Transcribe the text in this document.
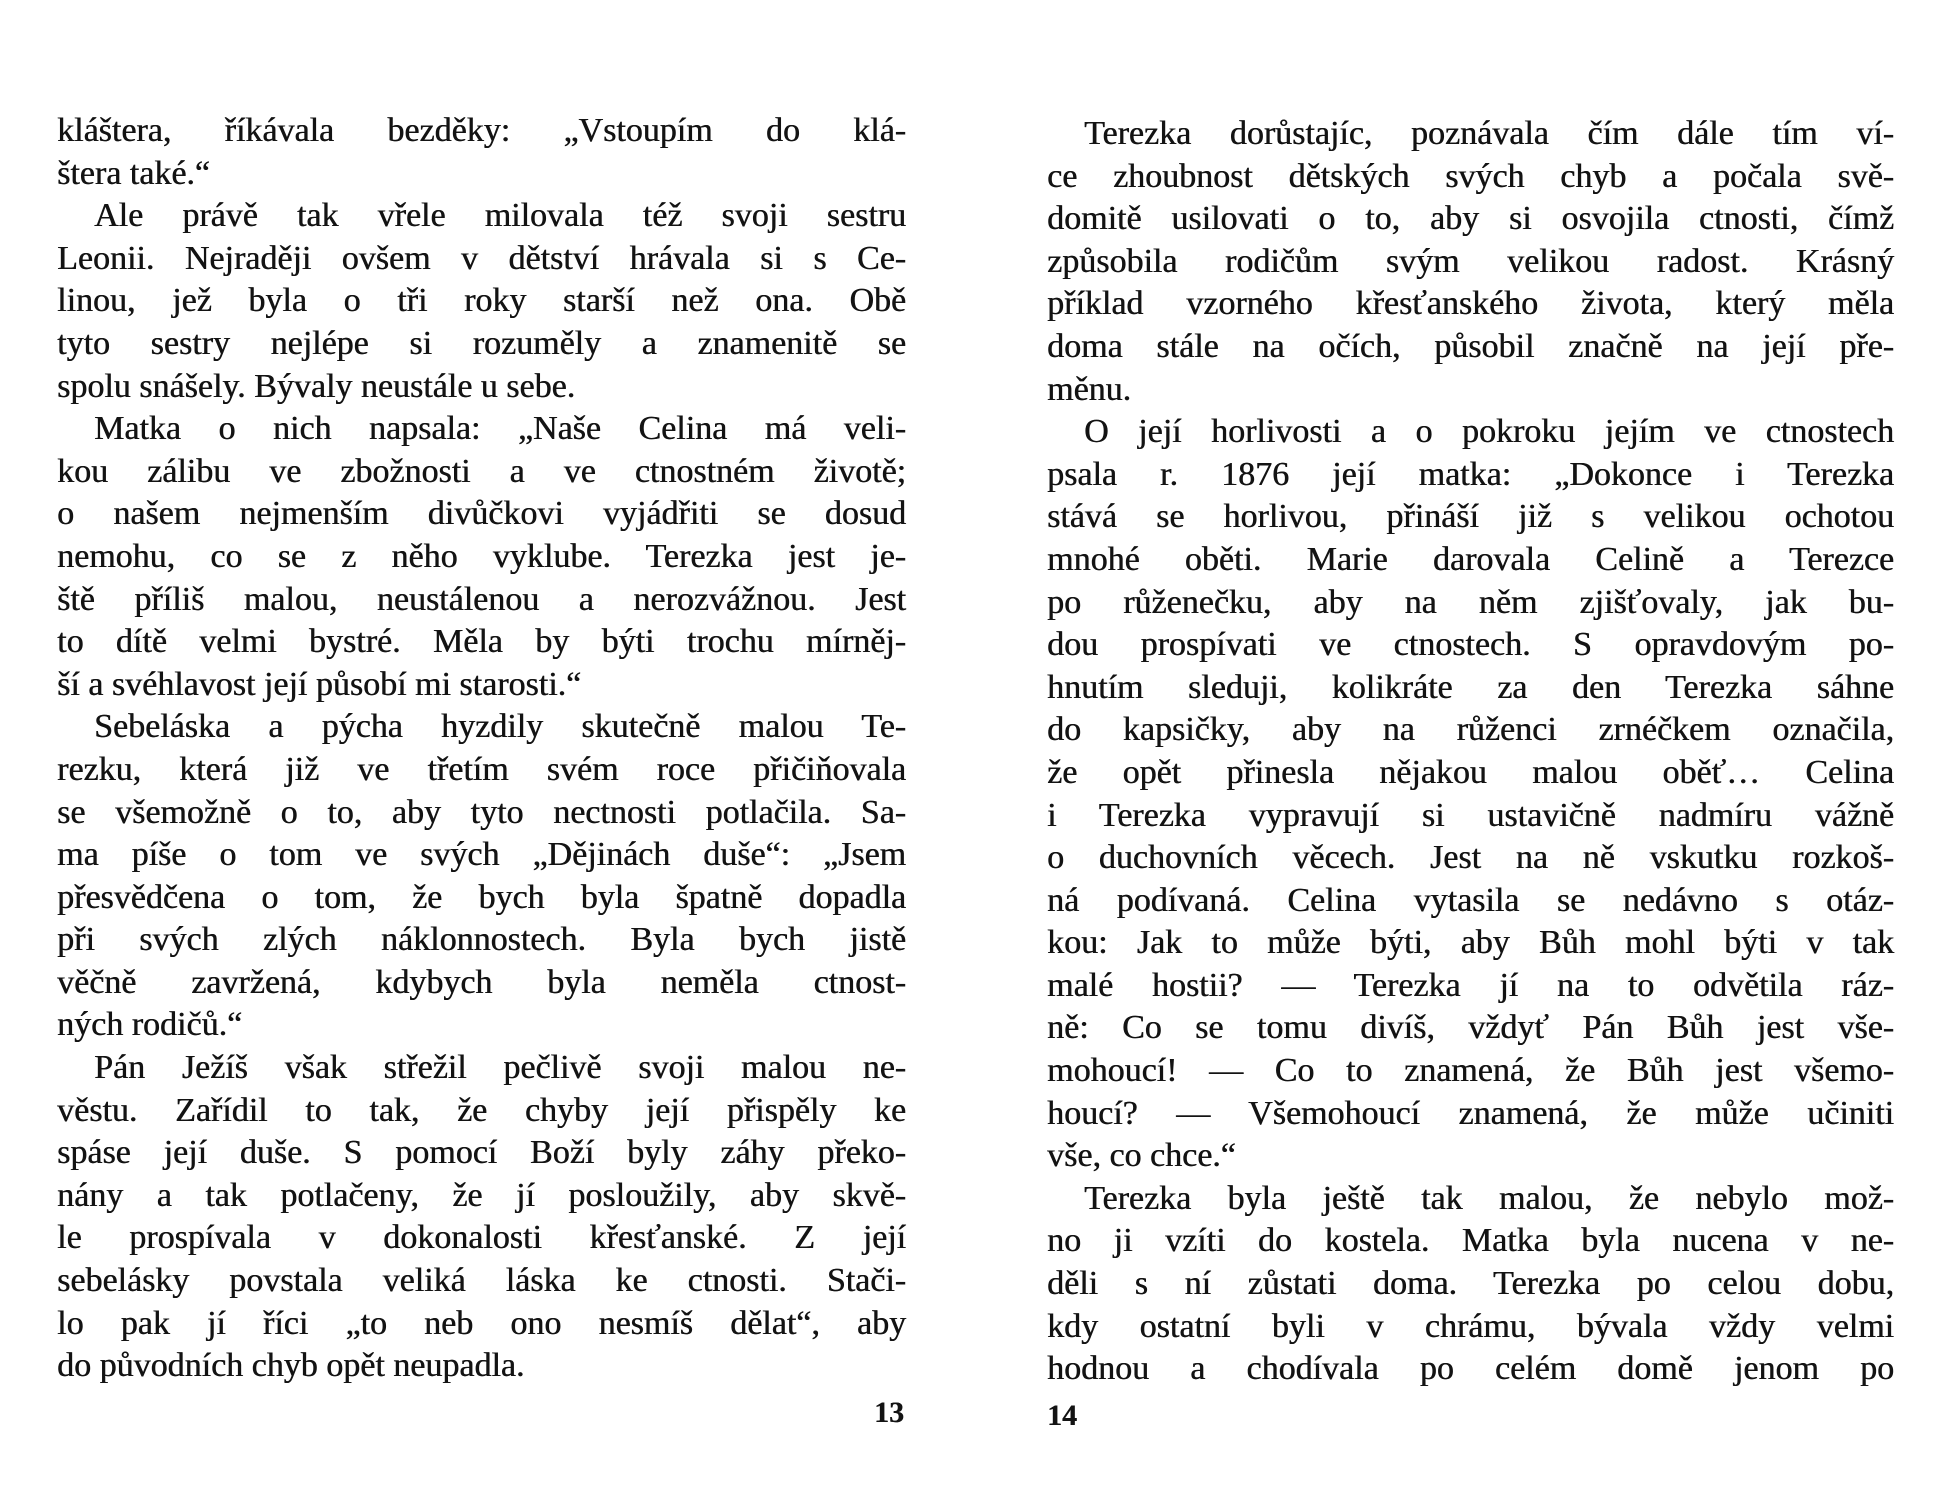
kláštera, říkávala bezděky: „Vstoupím do klá-
štera také.“
Ale právě tak vřele milovala též svoji sestru
Leonii. Nejraději ovšem v dětství hrávala si s Ce-
linou, jež byla o tři roky starší než ona. Obě
tyto sestry nejlépe si rozuměly a znamenitě se
spolu snášely. Bývaly neustále u sebe.
Matka o nich napsala: „Naše Celina má veli-
kou zálibu ve zbožnosti a ve ctnostném životě;
o našem nejmenším divůčkovi vyjádřiti se dosud
nemohu, co se z něho vyklube. Terezka jest je-
ště příliš malou, neustálenou a nerozvážnou. Jest
to dítě velmi bystré. Měla by býti trochu mírněj-
ší a svéhlavost její působí mi starosti.“
Sebeláska a pýcha hyzdily skutečně malou Te-
rezku, která již ve třetím svém roce přičiňovala
se všemožně o to, aby tyto nectnosti potlačila. Sa-
ma píše o tom ve svých „Dějinách duše“: „Jsem
přesvědčena o tom, že bych byla špatně dopadla
při svých zlých náklonnostech. Byla bych jistě
věčně zavržená, kdybych byla neměla ctnost-
ných rodičů.“
Pán Ježíš však střežil pečlivě svoji malou ne-
věstu. Zařídil to tak, že chyby její přispěly ke
spáse její duše. S pomocí Boží byly záhy překo-
nány a tak potlačeny, že jí posloužily, aby skvě-
le prospívala v dokonalosti křesťanské. Z její
sebelásky povstala veliká láska ke ctnosti. Stači-
lo pak jí říci „to neb ono nesmíš dělat“, aby
do původních chyb opět neupadla.
Terezka dorůstajíc, poznávala čím dále tím ví-
ce zhoubnost dětských svých chyb a počala svě-
domitě usilovati o to, aby si osvojila ctnosti, čímž
způsobila rodičům svým velikou radost. Krásný
příklad vzorného křesťanského života, který měla
doma stále na očích, působil značně na její pře-
měnu.
O její horlivosti a o pokroku jejím ve ctnostech
psala r. 1876 její matka: „Dokonce i Terezka
stává se horlivou, přináší již s velikou ochotou
mnohé oběti. Marie darovala Celině a Terezce
po růženečku, aby na něm zjišťovaly, jak bu-
dou prospívati ve ctnostech. S opravdovým po-
hnutím sleduji, kolikráte za den Terezka sáhne
do kapsičky, aby na růženci zrnéčkem označila,
že opět přinesla nějakou malou oběť… Celina
i Terezka vypravují si ustavičně nadmíru vážně
o duchovních věcech. Jest na ně vskutku rozkoš-
ná podívaná. Celina vytasila se nedávno s otáz-
kou: Jak to může býti, aby Bůh mohl býti v tak
malé hostii? — Terezka jí na to odvětila ráz-
ně: Co se tomu divíš, vždyť Pán Bůh jest vše-
mohoucí! — Co to znamená, že Bůh jest všemo-
houcí? — Všemohoucí znamená, že může učiniti
vše, co chce.“
Terezka byla ještě tak malou, že nebylo mož-
no ji vzíti do kostela. Matka byla nucena v ne-
děli s ní zůstati doma. Terezka po celou dobu,
kdy ostatní byli v chrámu, bývala vždy velmi
hodnou a chodívala po celém domě jenom po
13	14
